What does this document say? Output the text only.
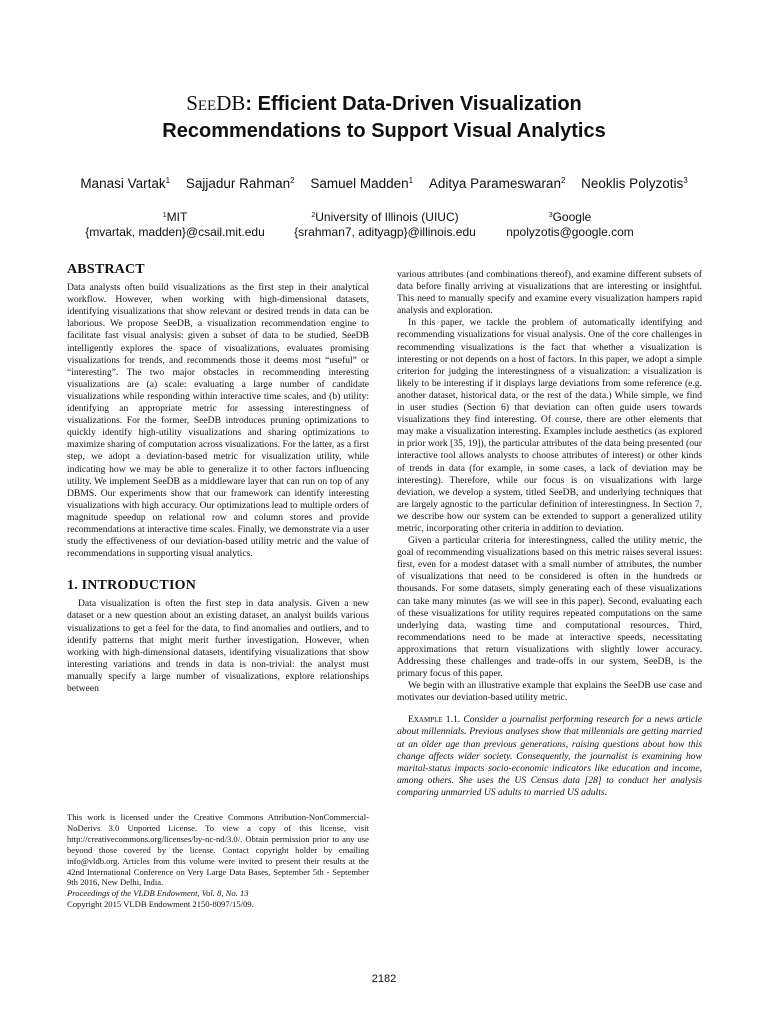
SeeDB: Efficient Data-Driven Visualization
Recommendations to Support Visual Analytics
Manasi Vartak$^1$ Sajjadur Rahman$^2$ Samuel Madden$^1$ Aditya Parameswaran$^2$ Neoklis Polyzotis$^3$
$^1$MIT
{mvartak, madden}@csail.mit.edu
$^2$University of Illinois (UIUC)
{srahman7, adityagp}@illinois.edu
$^3$Google
npolyzotis@google.com
ABSTRACT

Data analysts often build visualizations as the first step in their analytical workflow. However, when working with high-dimensional datasets, identifying visualizations that show relevant or desired trends in data can be laborious. We propose SeeDB, a visualization recommendation engine to facilitate fast visual analysis: given a subset of data to be studied, SeeDB intelligently explores the space of visualizations, evaluates promising visualizations for trends, and recommends those it deems most “useful” or “interesting”. The two major obstacles in recommending interesting visualizations are (a) scale: evaluating a large number of candidate visualizations while responding within interactive time scales, and (b) utility: identifying an appropriate metric for assessing interestingness of visualizations. For the former, SeeDB introduces pruning optimizations to quickly identify high-utility visualizations and sharing optimizations to maximize sharing of computation across visualizations. For the latter, as a first step, we adopt a deviation-based metric for visualization utility, while indicating how we may be able to generalize it to other factors influencing utility. We implement SeeDB as a middleware layer that can run on top of any DBMS. Our experiments show that our framework can identify interesting visualizations with high accuracy. Our optimizations lead to multiple orders of magnitude speedup on relational row and column stores and provide recommendations at interactive time scales. Finally, we demonstrate via a user study the effectiveness of our deviation-based utility metric and the value of recommendations in supporting visual analytics.

1. INTRODUCTION

Data visualization is often the first step in data analysis. Given a new dataset or a new question about an existing dataset, an analyst builds various visualizations to get a feel for the data, to find anomalies and outliers, and to identify patterns that might merit further investigation. However, when working with high-dimensional datasets, identifying visualizations that show interesting variations and trends in data is non-trivial: the analyst must manually specify a large number of visualizations, explore relationships between

This work is licensed under the Creative Commons Attribution-NonCommercial-NoDerivs 3.0 Unported License. To view a copy of this license, visit http://creativecommons.org/licenses/by-nc-nd/3.0/. Obtain permission prior to any use beyond those covered by the license. Contact copyright holder by emailing info@vldb.org. Articles from this volume were invited to present their results at the 42nd International Conference on Very Large Data Bases, September 5th - September 9th 2016, New Delhi, India.

Proceedings of the VLDB Endowment, Vol. 8, No. 13

Copyright 2015 VLDB Endowment 2150-8097/15/09.

various attributes (and combinations thereof), and examine different subsets of data before finally arriving at visualizations that are interesting or insightful. This need to manually specify and examine every visualization hampers rapid analysis and exploration.

In this paper, we tackle the problem of automatically identifying and recommending visualizations for visual analysis. One of the core challenges in recommending visualizations is the fact that whether a visualization is interesting or not depends on a host of factors. In this paper, we adopt a simple criterion for judging the interestingness of a visualization: a visualization is likely to be interesting if it displays large deviations from some reference (e.g. another dataset, historical data, or the rest of the data.) While simple, we find in user studies (Section 6) that deviation can often guide users towards visualizations they find interesting. Of course, there are other elements that may make a visualization interesting. Examples include aesthetics (as explored in prior work [35, 19]), the particular attributes of the data being presented (our interactive tool allows analysts to choose attributes of interest) or other kinds of trends in data (for example, in some cases, a lack of deviation may be interesting). Therefore, while our focus is on visualizations with large deviation, we develop a system, titled SeeDB, and underlying techniques that are largely agnostic to the particular definition of interestingness. In Section 7, we describe how our system can be extended to support a generalized utility metric, incorporating other criteria in addition to deviation.

Given a particular criteria for interestingness, called the utility metric, the goal of recommending visualizations based on this metric raises several issues: first, even for a modest dataset with a small number of attributes, the number of visualizations that need to be considered is often in the hundreds or thousands. For some datasets, simply generating each of these visualizations can take many minutes (as we will see in this paper). Second, evaluating each of these visualizations for utility requires repeated computations on the same underlying data, wasting time and computational resources. Third, recommendations need to be made at interactive speeds, necessitating approximations that return visualizations with slightly lower accuracy. Addressing these challenges and trade-offs in our system, SeeDB, is the primary focus of this paper.

We begin with an illustrative example that explains the SeeDB use case and motivates our deviation-based utility metric.

Example 1.1. Consider a journalist performing research for a news article about millennials. Previous analyses show that millennials are getting married at an older age than previous generations, raising questions about how this change affects wider society. Consequently, the journalist is examining how marital-status impacts socio-economic indicators like education and income, among others. She uses the US Census data [28] to conduct her analysis comparing unmarried US adults to married US adults.

2182
